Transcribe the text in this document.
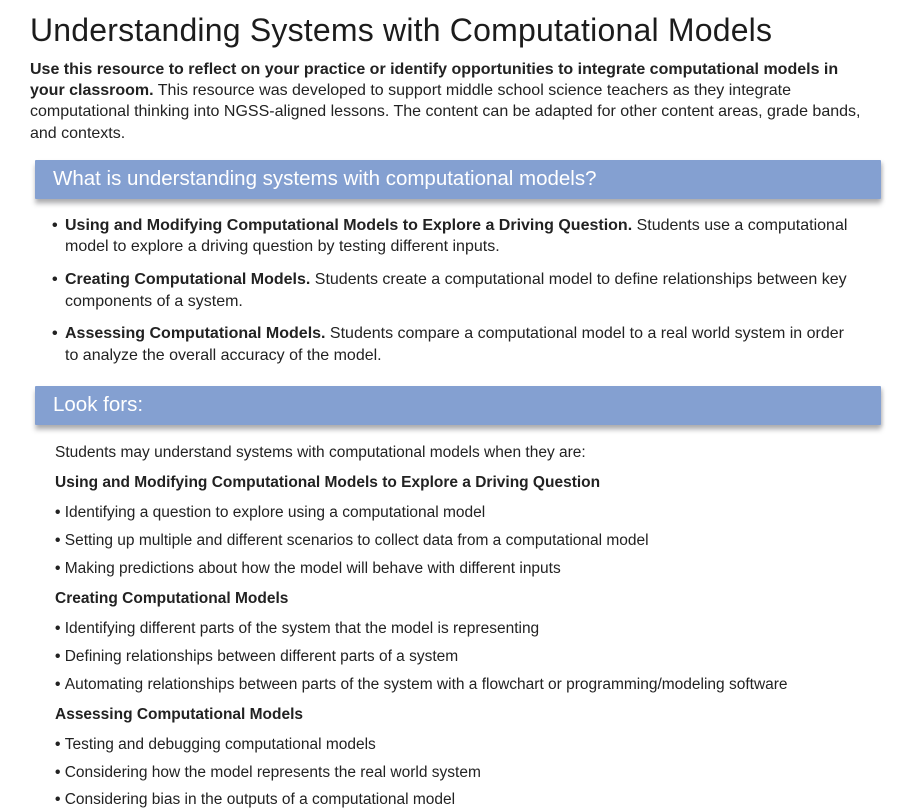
Understanding Systems with Computational Models

Use this resource to reflect on your practice or identify opportunities to integrate computational models in your classroom. This resource was developed to support middle school science teachers as they integrate computational thinking into NGSS-aligned lessons. The content can be adapted for other content areas, grade bands, and contexts.

What is understanding systems with computational models?
• Using and Modifying Computational Models to Explore a Driving Question. Students use a computational model to explore a driving question by testing different inputs.
• Creating Computational Models. Students create a computational model to define relationships between key components of a system.
• Assessing Computational Models. Students compare a computational model to a real world system in order to analyze the overall accuracy of the model.
Look fors:

Students may understand systems with computational models when they are:

Using and Modifying Computational Models to Explore a Driving Question
• Identifying a question to explore using a computational model
• Setting up multiple and different scenarios to collect data from a computational model
• Making predictions about how the model will behave with different inputs
Creating Computational Models
• Identifying different parts of the system that the model is representing
• Defining relationships between different parts of a system
• Automating relationships between parts of the system with a flowchart or programming/modeling software
Assessing Computational Models
• Testing and debugging computational models
• Considering how the model represents the real world system
• Considering bias in the outputs of a computational model
